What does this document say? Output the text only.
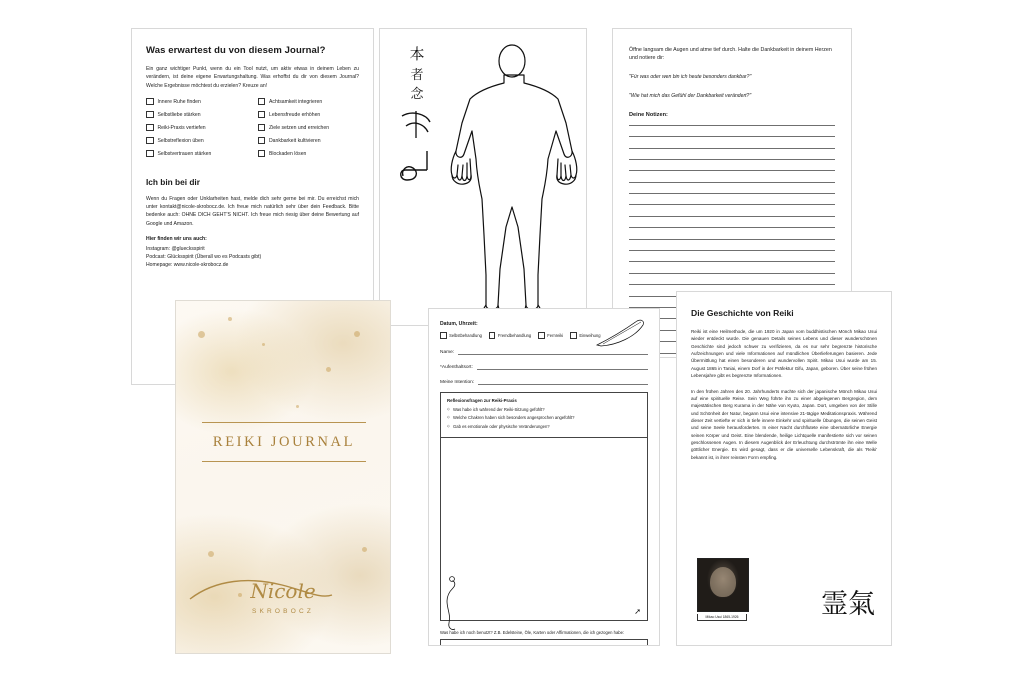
Was erwartest du von diesem Journal?

Ein ganz wichtiger Punkt, wenn du ein Tool nutzt, um aktiv etwas in deinem Leben zu verändern, ist deine eigene Erwartungshaltung. Was erhoffst du dir von diesem Journal? Welche Ergebnisse möchtest du erzielen? Kreuze an!

Innere Ruhe finden
Selbstliebe stärken
Reiki-Praxis vertiefen
Selbstreflexion üben
Selbstvertrauen stärken
Achtsamkeit integrieren
Lebensfreude erhöhen
Ziele setzen und erreichen
Dankbarkeit kultivieren
Blockaden lösen
Ich bin bei dir

Wenn du Fragen oder Unklarheiten hast, melde dich sehr gerne bei mir. Du erreichst mich unter kontakt@nicole-skrobocz.de. Ich freue mich natürlich sehr über dein Feedback. Bitte bedenke auch: OHNE DICH GEHT'S NICHT. Ich freue mich riesig über deine Bewertung auf Google und Amazon.

Hier finden wir uns auch:

Instagram: @gluecksspirit

Podcast: Glücksspirit (Überall wo es Podcasts gibt)

Homepage: www.nicole-skrobocz.de

本
者
念

Öffne langsam die Augen und atme tief durch. Halte die Dankbarkeit in deinem Herzen und notiere dir:

"Für was oder wen bin ich heute besonders dankbar?"

"Wie hat mich das Gefühl der Dankbarkeit verändert?"

Deine Notizen:

REIKI JOURNAL
Nicole
SKROBOCZ
Datum, Uhrzeit:
Selbstbehandlung	Fremdbehandlung	Fernreiki	Einweihung
Name:
*Aufenthaltsort:
Meine Intention:
Reflexionsfragen zur Reiki-Praxis

◇ Was habe ich während der Reiki-Sitzung gefühlt?

◇ Welche Chakren haben sich besonders angesprochen angefühlt?

◇ Gab es emotionale oder physische Veränderungen?

➚

Was habe ich noch benutzt? Z.B. Edelsteine, Öle, Karten oder Affirmationen, die ich gezogen habe:

Die Geschichte von Reiki

Reiki ist eine Heilmethode, die um 1920 in Japan vom buddhistischen Mönch Mikao Usui wieder entdeckt wurde. Die genauen Details seines Lebens und dieser wunderschönen Geschichte sind jedoch schwer zu verifizieren, da es nur sehr begrenzte historische Aufzeichnungen und viele Informationen auf mündlichen Überlieferungen basieren. Jede Übermittlung hat einen besonderen und wundervollen Spirit. Mikao Usui wurde am 15. August 1865 in Taniai, einem Dorf in der Präfektur Gifu, Japan, geboren. Über seine frühen Lebensjahre gibt es begrenzte Informationen.

In den frühen Jahren des 20. Jahrhunderts machte sich der japanische Mönch Mikao Usui auf eine spirituelle Reise. Sein Weg führte ihn zu einer abgelegenen Bergregion, dem majestätischen Berg Kurama in der Nähe von Kyoto, Japan. Dort, umgeben von der Stille und Schönheit der Natur, begann Usui eine intensive 21-tägige Meditationspraxis. Während dieser Zeit vertiefte er sich in tiefe innere Einkehr und spirituelle Übungen, die seinen Geist und seine Seele herausforderten. In einer Nacht durchflutete eine übernatürliche Energie seinen Körper und Geist. Eine blendende, heilige Lichtquelle manifestierte sich vor seinen geschlossenen Augen. In diesem Augenblick der Erleuchtung durchströmte ihn eine Welle göttlicher Energie. Es wird gesagt, dass er die universelle Lebenskraft, die als 'Reiki' bekannt ist, in ihrer reinsten Form empfing.

Mikao Usui 1865-1926	霊氣
